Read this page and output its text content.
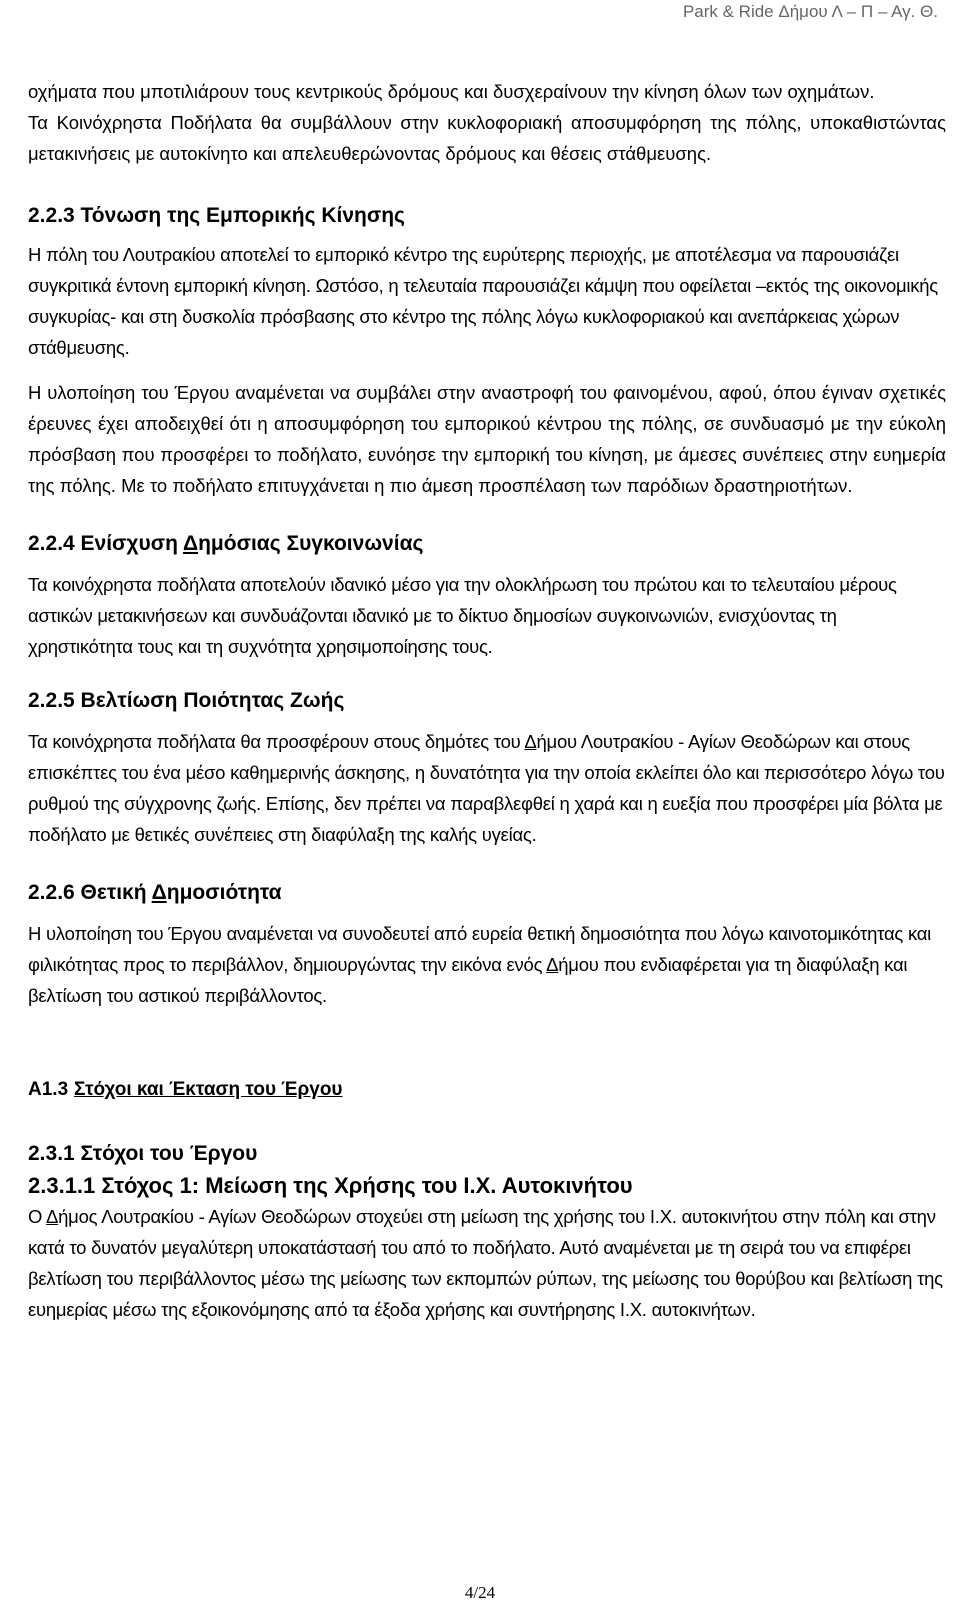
Park & Ride Δήμου Λ – Π – Αγ. Θ.

οχήματα που μποτιλιάρουν τους κεντρικούς δρόμους και δυσχεραίνουν την κίνηση όλων των οχημάτων.

Τα Κοινόχρηστα Ποδήλατα θα συμβάλλουν στην κυκλοφοριακή αποσυμφόρηση της πόλης, υποκαθιστώντας μετακινήσεις με αυτοκίνητο και απελευθερώνοντας δρόμους και θέσεις στάθμευσης.

2.2.3 Τόνωση της Εμπορικής Κίνησης

Η πόλη του Λουτρακίου αποτελεί το εμπορικό κέντρο της ευρύτερης περιοχής, με αποτέλεσμα να παρουσιάζει συγκριτικά έντονη εμπορική κίνηση. Ωστόσο, η τελευταία παρουσιάζει κάμψη που οφείλεται –εκτός της οικονομικής συγκυρίας- και στη δυσκολία πρόσβασης στο κέντρο της πόλης λόγω κυκλοφοριακού και ανεπάρκειας χώρων στάθμευσης.

Η υλοποίηση του Έργου αναμένεται να συμβάλει στην αναστροφή του φαινομένου, αφού, όπου έγιναν σχετικές έρευνες έχει αποδειχθεί ότι η αποσυμφόρηση του εμπορικού κέντρου της πόλης, σε συνδυασμό με την εύκολη πρόσβαση που προσφέρει το ποδήλατο, ευνόησε την εμπορική του κίνηση, με άμεσες συνέπειες στην ευημερία της πόλης. Με το ποδήλατο επιτυγχάνεται η πιο άμεση προσπέλαση των παρόδιων δραστηριοτήτων.

2.2.4 Ενίσχυση Δημόσιας Συγκοινωνίας

Τα κοινόχρηστα ποδήλατα αποτελούν ιδανικό μέσο για την ολοκλήρωση του πρώτου και το τελευταίου μέρους αστικών μετακινήσεων και συνδυάζονται ιδανικό με το δίκτυο δημοσίων συγκοινωνιών, ενισχύοντας τη χρηστικότητα τους και τη συχνότητα χρησιμοποίησης τους.

2.2.5 Βελτίωση Ποιότητας Ζωής

Τα κοινόχρηστα ποδήλατα θα προσφέρουν στους δημότες του Δήμου Λουτρακίου - Αγίων Θεοδώρων και στους επισκέπτες του ένα μέσο καθημερινής άσκησης, η δυνατότητα για την οποία εκλείπει όλο και περισσότερο λόγω του ρυθμού της σύγχρονης ζωής. Επίσης, δεν πρέπει να παραβλεφθεί η χαρά και η ευεξία που προσφέρει μία βόλτα με ποδήλατο με θετικές συνέπειες στη διαφύλαξη της καλής υγείας.

2.2.6 Θετική Δημοσιότητα

Η υλοποίηση του Έργου αναμένεται να συνοδευτεί από ευρεία θετική δημοσιότητα που λόγω καινοτομικότητας και φιλικότητας προς το περιβάλλον, δημιουργώντας την εικόνα ενός Δήμου που ενδιαφέρεται για τη διαφύλαξη και βελτίωση του αστικού περιβάλλοντος.

Α1.3 Στόχοι και Έκταση του Έργου
2.3.1 Στόχοι του Έργου
2.3.1.1 Στόχος 1: Μείωση της Χρήσης του Ι.Χ. Αυτοκινήτου

Ο Δήμος Λουτρακίου - Αγίων Θεοδώρων στοχεύει στη μείωση της χρήσης του Ι.Χ. αυτοκινήτου στην πόλη και στην κατά το δυνατόν μεγαλύτερη υποκατάστασή του από το ποδήλατο. Αυτό αναμένεται με τη σειρά του να επιφέρει βελτίωση του περιβάλλοντος μέσω της μείωσης των εκπομπών ρύπων, της μείωσης του θορύβου και βελτίωση της ευημερίας μέσω της εξοικονόμησης από τα έξοδα χρήσης και συντήρησης Ι.Χ. αυτοκινήτων.

4/24
